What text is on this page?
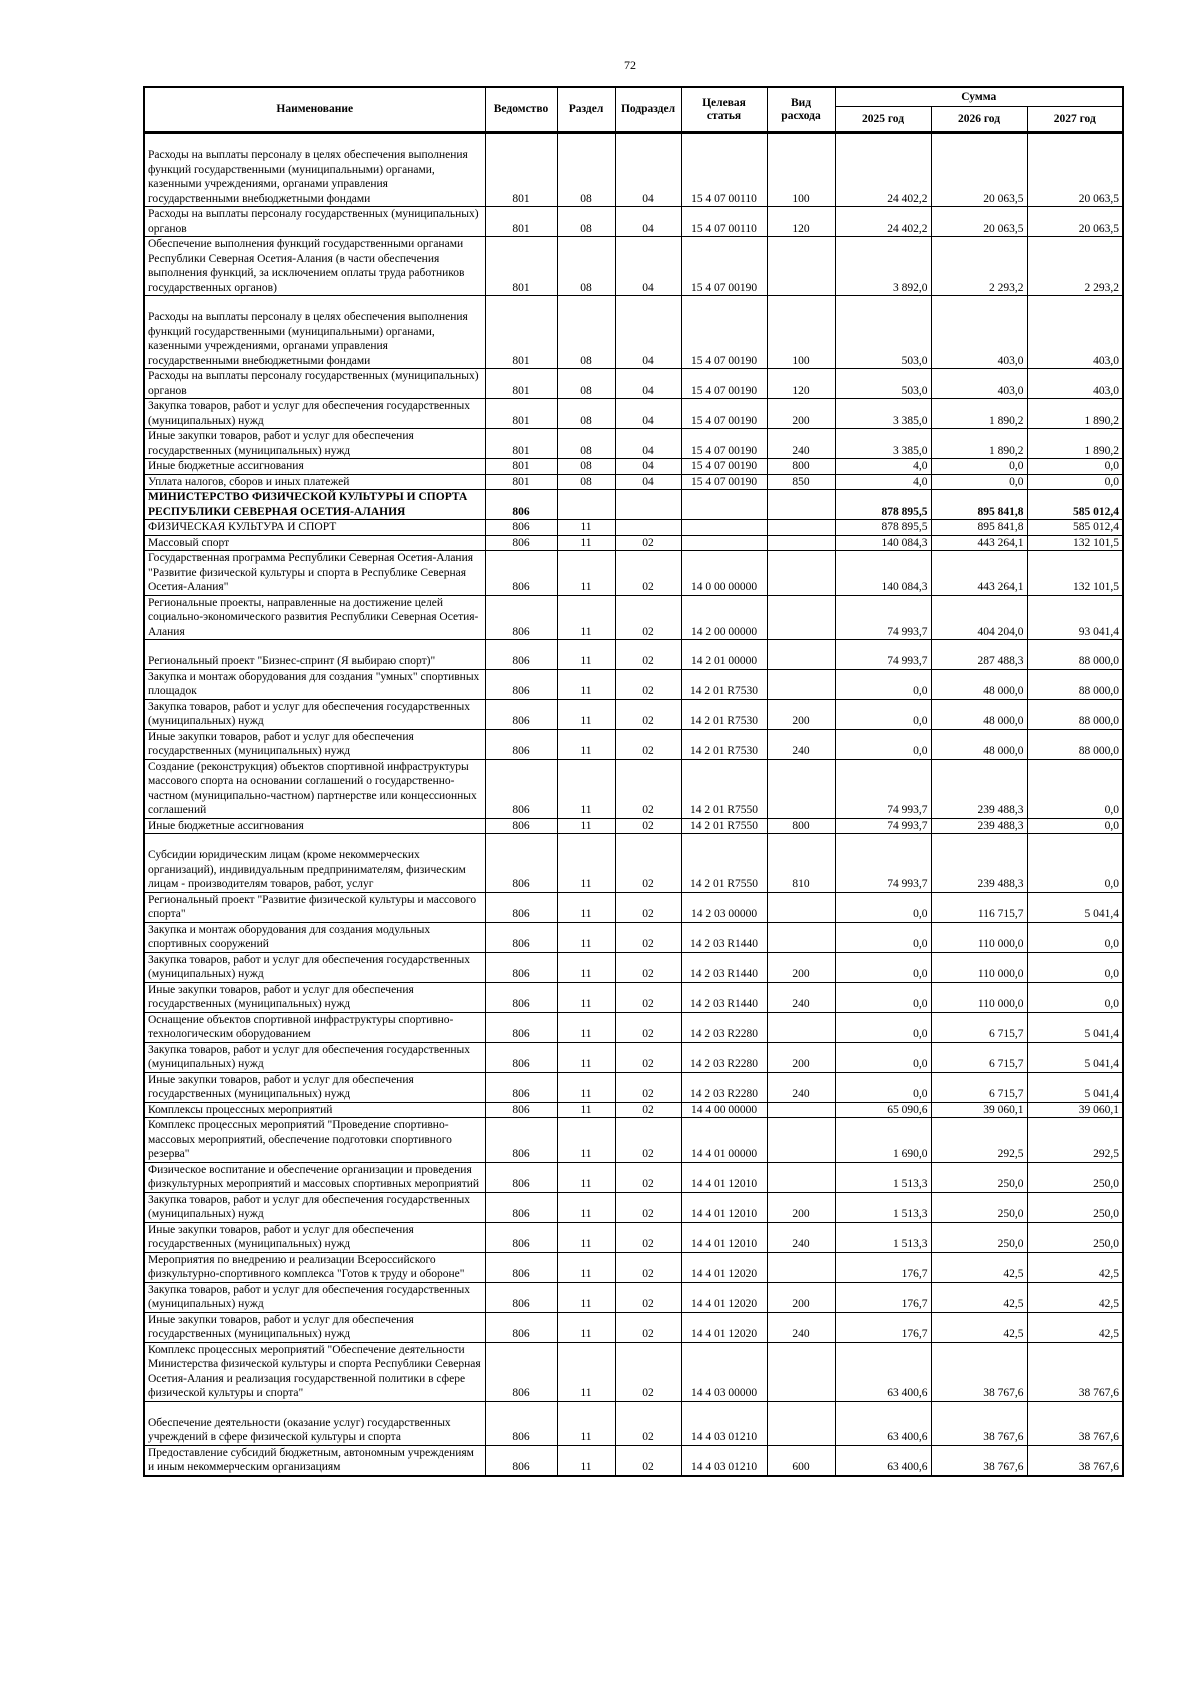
72
Наименование	Ведомство	Раздел	Подраздел	Целевая статья	Вид расхода	Сумма		
						2025 год	2026 год	2027 год
Расходы на выплаты персоналу в целях обеспечения выполнения функций государственными (муниципальными) органами, казенными учреждениями, органами управления государственными внебюджетными фондами	801	08	04	15 4 07 00110	100	24 402,2	20 063,5	20 063,5
Расходы на выплаты персоналу государственных (муниципальных) органов	801	08	04	15 4 07 00110	120	24 402,2	20 063,5	20 063,5
Обеспечение выполнения функций государственными органами Республики Северная Осетия-Алания (в части обеспечения выполнения функций, за исключением оплаты труда работников государственных органов)	801	08	04	15 4 07 00190		3 892,0	2 293,2	2 293,2
Расходы на выплаты персоналу в целях обеспечения выполнения функций государственными (муниципальными) органами, казенными учреждениями, органами управления государственными внебюджетными фондами	801	08	04	15 4 07 00190	100	503,0	403,0	403,0
Расходы на выплаты персоналу государственных (муниципальных) органов	801	08	04	15 4 07 00190	120	503,0	403,0	403,0
Закупка товаров, работ и услуг для обеспечения государственных (муниципальных) нужд	801	08	04	15 4 07 00190	200	3 385,0	1 890,2	1 890,2
Иные закупки товаров, работ и услуг для обеспечения государственных (муниципальных) нужд	801	08	04	15 4 07 00190	240	3 385,0	1 890,2	1 890,2
Иные бюджетные ассигнования	801	08	04	15 4 07 00190	800	4,0	0,0	0,0
Уплата налогов, сборов и иных платежей	801	08	04	15 4 07 00190	850	4,0	0,0	0,0
МИНИСТЕРСТВО ФИЗИЧЕСКОЙ КУЛЬТУРЫ И СПОРТА РЕСПУБЛИКИ СЕВЕРНАЯ ОСЕТИЯ-АЛАНИЯ	806					878 895,5	895 841,8	585 012,4
ФИЗИЧЕСКАЯ КУЛЬТУРА И СПОРТ	806	11				878 895,5	895 841,8	585 012,4
Массовый спорт	806	11	02			140 084,3	443 264,1	132 101,5
Государственная программа Республики Северная Осетия-Алания "Развитие физической культуры и спорта в Республике Северная Осетия-Алания"	806	11	02	14 0 00 00000		140 084,3	443 264,1	132 101,5
Региональные проекты, направленные на достижение целей социально-экономического развития Республики Северная Осетия-Алания	806	11	02	14 2 00 00000		74 993,7	404 204,0	93 041,4
Региональный проект "Бизнес-спринт (Я выбираю спорт)"	806	11	02	14 2 01 00000		74 993,7	287 488,3	88 000,0
Закупка и монтаж оборудования для создания "умных" спортивных площадок	806	11	02	14 2 01 R7530		0,0	48 000,0	88 000,0
Закупка товаров, работ и услуг для обеспечения государственных (муниципальных) нужд	806	11	02	14 2 01 R7530	200	0,0	48 000,0	88 000,0
Иные закупки товаров, работ и услуг для обеспечения государственных (муниципальных) нужд	806	11	02	14 2 01 R7530	240	0,0	48 000,0	88 000,0
Создание (реконструкция) объектов спортивной инфраструктуры массового спорта на основании соглашений о государственно-частном (муниципально-частном) партнерстве или концессионных соглашений	806	11	02	14 2 01 R7550		74 993,7	239 488,3	0,0
Иные бюджетные ассигнования	806	11	02	14 2 01 R7550	800	74 993,7	239 488,3	0,0
Субсидии юридическим лицам (кроме некоммерческих организаций), индивидуальным предпринимателям, физическим лицам - производителям товаров, работ, услуг	806	11	02	14 2 01 R7550	810	74 993,7	239 488,3	0,0
Региональный проект "Развитие физической культуры и массового спорта"	806	11	02	14 2 03 00000		0,0	116 715,7	5 041,4
Закупка и монтаж оборудования для создания модульных спортивных сооружений	806	11	02	14 2 03 R1440		0,0	110 000,0	0,0
Закупка товаров, работ и услуг для обеспечения государственных (муниципальных) нужд	806	11	02	14 2 03 R1440	200	0,0	110 000,0	0,0
Иные закупки товаров, работ и услуг для обеспечения государственных (муниципальных) нужд	806	11	02	14 2 03 R1440	240	0,0	110 000,0	0,0
Оснащение объектов спортивной инфраструктуры спортивно-технологическим оборудованием	806	11	02	14 2 03 R2280		0,0	6 715,7	5 041,4
Закупка товаров, работ и услуг для обеспечения государственных (муниципальных) нужд	806	11	02	14 2 03 R2280	200	0,0	6 715,7	5 041,4
Иные закупки товаров, работ и услуг для обеспечения государственных (муниципальных) нужд	806	11	02	14 2 03 R2280	240	0,0	6 715,7	5 041,4
Комплексы процессных мероприятий	806	11	02	14 4 00 00000		65 090,6	39 060,1	39 060,1
Комплекс процессных мероприятий "Проведение спортивно-массовых мероприятий, обеспечение подготовки спортивного резерва"	806	11	02	14 4 01 00000		1 690,0	292,5	292,5
Физическое воспитание и обеспечение организации и проведения физкультурных мероприятий и массовых спортивных мероприятий	806	11	02	14 4 01 12010		1 513,3	250,0	250,0
Закупка товаров, работ и услуг для обеспечения государственных (муниципальных) нужд	806	11	02	14 4 01 12010	200	1 513,3	250,0	250,0
Иные закупки товаров, работ и услуг для обеспечения государственных (муниципальных) нужд	806	11	02	14 4 01 12010	240	1 513,3	250,0	250,0
Мероприятия по внедрению и реализации Всероссийского физкультурно-спортивного комплекса "Готов к труду и обороне"	806	11	02	14 4 01 12020		176,7	42,5	42,5
Закупка товаров, работ и услуг для обеспечения государственных (муниципальных) нужд	806	11	02	14 4 01 12020	200	176,7	42,5	42,5
Иные закупки товаров, работ и услуг для обеспечения государственных (муниципальных) нужд	806	11	02	14 4 01 12020	240	176,7	42,5	42,5
Комплекс процессных мероприятий "Обеспечение деятельности Министерства физической культуры и спорта Республики Северная Осетия-Алания и реализация государственной политики в сфере физической культуры и спорта"	806	11	02	14 4 03 00000		63 400,6	38 767,6	38 767,6
Обеспечение деятельности (оказание услуг) государственных учреждений в сфере физической культуры и спорта	806	11	02	14 4 03 01210		63 400,6	38 767,6	38 767,6
Предоставление субсидий бюджетным, автономным учреждениям и иным некоммерческим организациям	806	11	02	14 4 03 01210	600	63 400,6	38 767,6	38 767,6
